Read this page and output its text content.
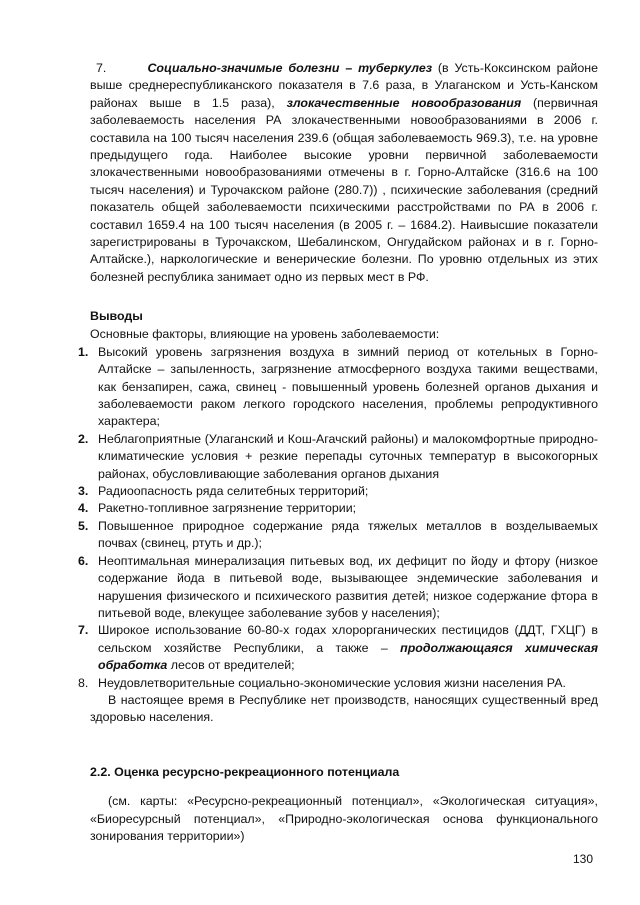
7.	Социально-значимые болезни – туберкулез (в Усть-Коксинском районе выше среднереспубликанского показателя в 7.6 раза, в Улаганском и Усть-Канском районах выше в 1.5 раза), злокачественные новообразования (первичная заболеваемость населения РА злокачественными новообразованиями в 2006 г. составила на 100 тысяч населения 239.6 (общая заболеваемость 969.3), т.е. на уровне предыдущего года. Наиболее высокие уровни первичной заболеваемости злокачественными новообразованиями отмечены в г. Горно-Алтайске (316.6 на 100 тысяч населения) и Турочакском районе (280.7)) , психические заболевания (средний показатель общей заболеваемости психическими расстройствами по РА в 2006 г. составил 1659.4 на 100 тысяч населения (в 2005 г. – 1684.2). Наивысшие показатели зарегистрированы в Турочакском, Шебалинском, Онгудайском районах и в г. Горно-Алтайске.), наркологические и венерические болезни. По уровню отдельных из этих болезней республика занимает одно из первых мест в РФ.
Выводы
Основные факторы, влияющие на уровень заболеваемости:
1. Высокий уровень загрязнения воздуха в зимний период от котельных в Горно-Алтайске – запыленность, загрязнение атмосферного воздуха такими веществами, как бензапирен, сажа, свинец - повышенный уровень болезней органов дыхания и заболеваемости раком легкого городского населения, проблемы репродуктивного характера;
2. Неблагоприятные (Улаганский и Кош-Агачский районы) и малокомфортные природно-климатические условия + резкие перепады суточных температур в высокогорных районах, обусловливающие заболевания органов дыхания
3. Радиоопасность ряда селитебных территорий;
4. Ракетно-топливное загрязнение территории;
5. Повышенное природное содержание ряда тяжелых металлов в возделываемых почвах (свинец, ртуть и др.);
6. Неоптимальная минерализация питьевых вод, их дефицит по йоду и фтору (низкое содержание йода в питьевой воде, вызывающее эндемические заболевания и нарушения физического и психического развития детей; низкое содержание фтора в питьевой воде, влекущее заболевание зубов у населения);
7. Широкое использование 60-80-х годах хлорорганических пестицидов (ДДТ, ГХЦГ) в сельском хозяйстве Республики, а также – продолжающаяся химическая обработка лесов от вредителей;
8. Неудовлетворительные социально-экономические условия жизни населения РА.
В настоящее время в Республике нет производств, наносящих существенный вред здоровью населения.
2.2. Оценка ресурсно-рекреационного потенциала
(см. карты: «Ресурсно-рекреационный потенциал», «Экологическая ситуация», «Биоресурсный потенциал», «Природно-экологическая основа функционального зонирования территории»)
130
